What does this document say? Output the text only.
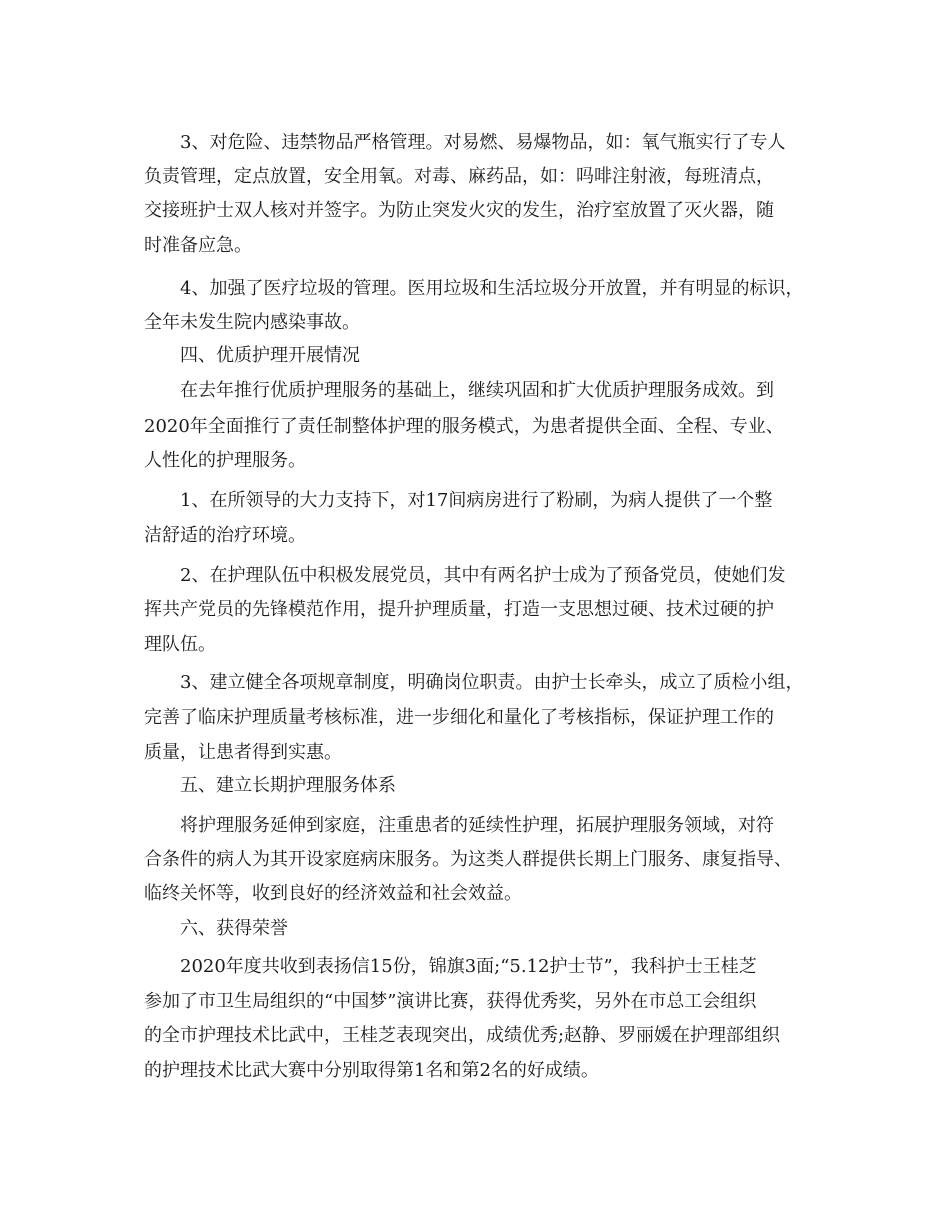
3、对危险、违禁物品严格管理。对易燃、易爆物品，如：氧气瓶实行了专人
负责管理，定点放置，安全用氧。对毒、麻药品，如：吗啡注射液，每班清点，
交接班护士双人核对并签字。为防止突发火灾的发生，治疗室放置了灭火器，随
时准备应急。
4、加强了医疗垃圾的管理。医用垃圾和生活垃圾分开放置，并有明显的标识，
全年未发生院内感染事故。
四、优质护理开展情况
在去年推行优质护理服务的基础上，继续巩固和扩大优质护理服务成效。到
2020年全面推行了责任制整体护理的服务模式，为患者提供全面、全程、专业、
人性化的护理服务。
1、在所领导的大力支持下，对17间病房进行了粉刷，为病人提供了一个整
洁舒适的治疗环境。
2、在护理队伍中积极发展党员，其中有两名护士成为了预备党员，使她们发
挥共产党员的先锋模范作用，提升护理质量，打造一支思想过硬、技术过硬的护
理队伍。
3、建立健全各项规章制度，明确岗位职责。由护士长牵头，成立了质检小组，
完善了临床护理质量考核标准，进一步细化和量化了考核指标，保证护理工作的
质量，让患者得到实惠。
五、建立长期护理服务体系
将护理服务延伸到家庭，注重患者的延续性护理，拓展护理服务领域，对符
合条件的病人为其开设家庭病床服务。为这类人群提供长期上门服务、康复指导、
临终关怀等，收到良好的经济效益和社会效益。
六、获得荣誉
2020年度共收到表扬信15份，锦旗3面;“5.12护士节”，我科护士王桂芝
参加了市卫生局组织的“中国梦”演讲比赛，获得优秀奖，另外在市总工会组织
的全市护理技术比武中，王桂芝表现突出，成绩优秀;赵静、罗丽媛在护理部组织
的护理技术比武大赛中分别取得第1名和第2名的好成绩。
